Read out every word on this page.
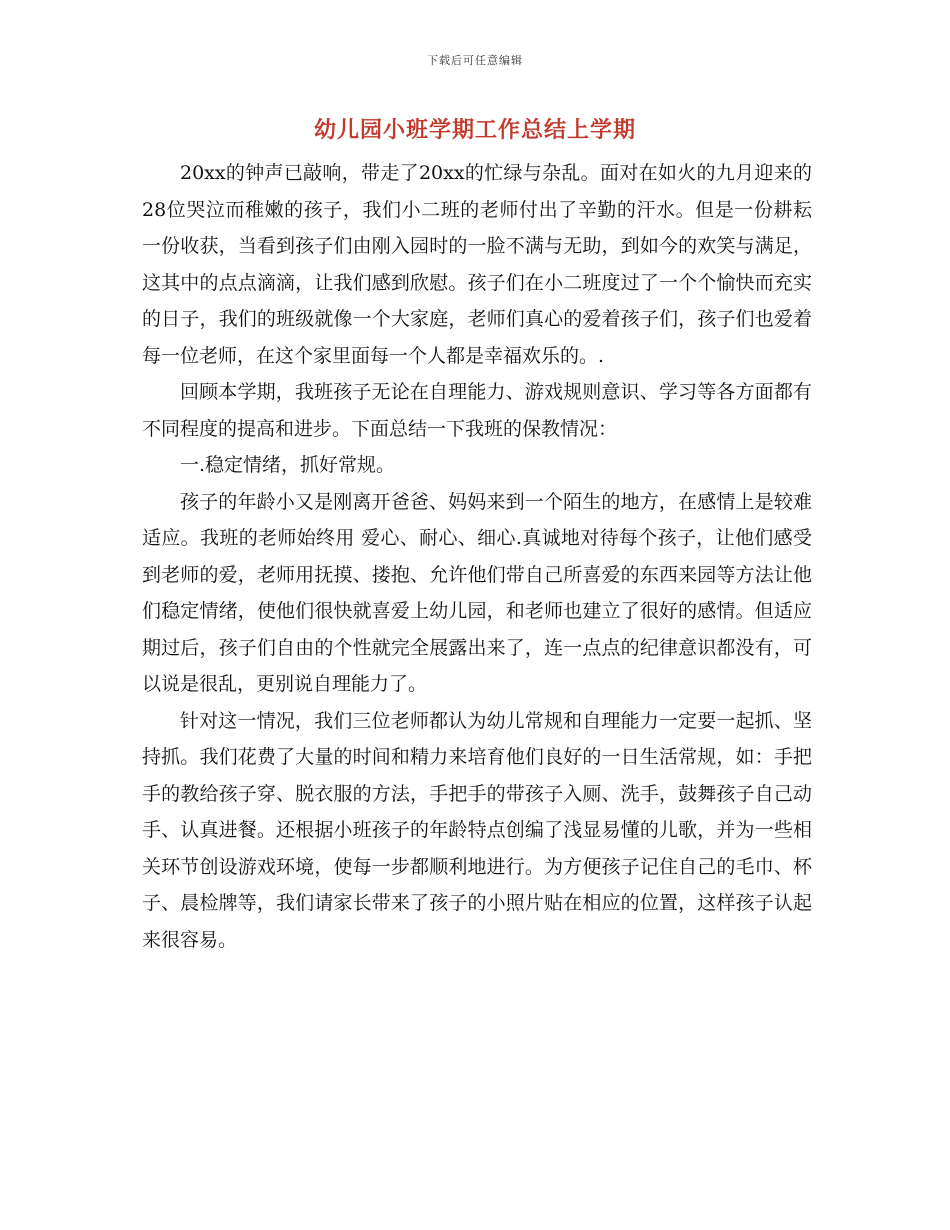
下载后可任意编辑
幼儿园小班学期工作总结上学期

20xx的钟声已敲响，带走了20xx的忙绿与杂乱。面对在如火的九月迎来的28位哭泣而稚嫩的孩子，我们小二班的老师付出了辛勤的汗水。但是一份耕耘一份收获，当看到孩子们由刚入园时的一脸不满与无助，到如今的欢笑与满足，这其中的点点滴滴，让我们感到欣慰。孩子们在小二班度过了一个个愉快而充实的日子，我们的班级就像一个大家庭，老师们真心的爱着孩子们，孩子们也爱着每一位老师，在这个家里面每一个人都是幸福欢乐的。.

回顾本学期，我班孩子无论在自理能力、游戏规则意识、学习等各方面都有不同程度的提高和进步。下面总结一下我班的保教情况：

一.稳定情绪，抓好常规。

孩子的年龄小又是刚离开爸爸、妈妈来到一个陌生的地方，在感情上是较难适应。我班的老师始终用 爱心、耐心、细心.真诚地对待每个孩子，让他们感受到老师的爱，老师用抚摸、搂抱、允许他们带自己所喜爱的东西来园等方法让他们稳定情绪，使他们很快就喜爱上幼儿园，和老师也建立了很好的感情。但适应期过后，孩子们自由的个性就完全展露出来了，连一点点的纪律意识都没有，可以说是很乱，更别说自理能力了。

针对这一情况，我们三位老师都认为幼儿常规和自理能力一定要一起抓、坚持抓。我们花费了大量的时间和精力来培育他们良好的一日生活常规，如：手把手的教给孩子穿、脱衣服的方法，手把手的带孩子入厕、洗手，鼓舞孩子自己动手、认真进餐。还根据小班孩子的年龄特点创编了浅显易懂的儿歌，并为一些相关环节创设游戏环境，使每一步都顺利地进行。为方便孩子记住自己的毛巾、杯子、晨检牌等，我们请家长带来了孩子的小照片贴在相应的位置，这样孩子认起来很容易。
